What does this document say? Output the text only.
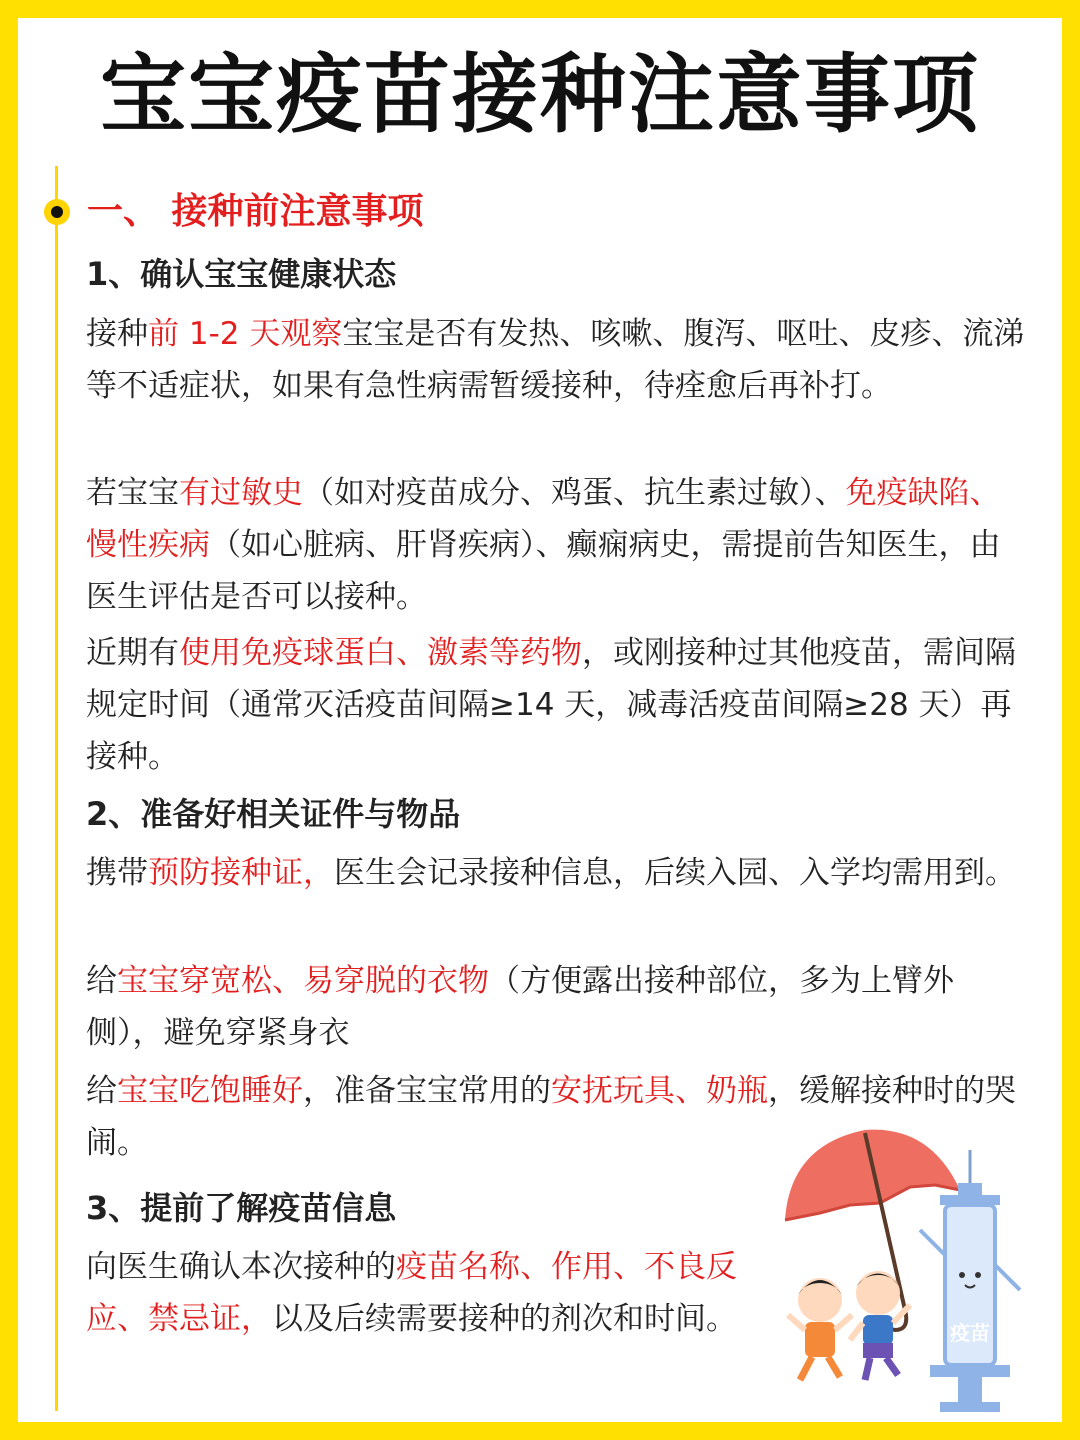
宝宝疫苗接种注意事项
一、 接种前注意事项
1、确认宝宝健康状态
接种前 1-2 天观察宝宝是否有发热、咳嗽、腹泻、呕吐、皮疹、流涕等不适症状，如果有急性病需暂缓接种，待痊愈后再补打。
若宝宝有过敏史（如对疫苗成分、鸡蛋、抗生素过敏）、免疫缺陷、慢性疾病（如心脏病、肝肾疾病）、癫痫病史，需提前告知医生，由医生评估是否可以接种。
近期有使用免疫球蛋白、激素等药物，或刚接种过其他疫苗，需间隔规定时间（通常灭活疫苗间隔≥14 天，减毒活疫苗间隔≥28 天）再接种。
2、准备好相关证件与物品
携带预防接种证，医生会记录接种信息，后续入园、入学均需用到。
给宝宝穿宽松、易穿脱的衣物（方便露出接种部位，多为上臂外侧），避免穿紧身衣
给宝宝吃饱睡好，准备宝宝常用的安抚玩具、奶瓶，缓解接种时的哭闹。
3、提前了解疫苗信息
向医生确认本次接种的疫苗名称、作用、不良反应、禁忌证，以及后续需要接种的剂次和时间。	疫苗
